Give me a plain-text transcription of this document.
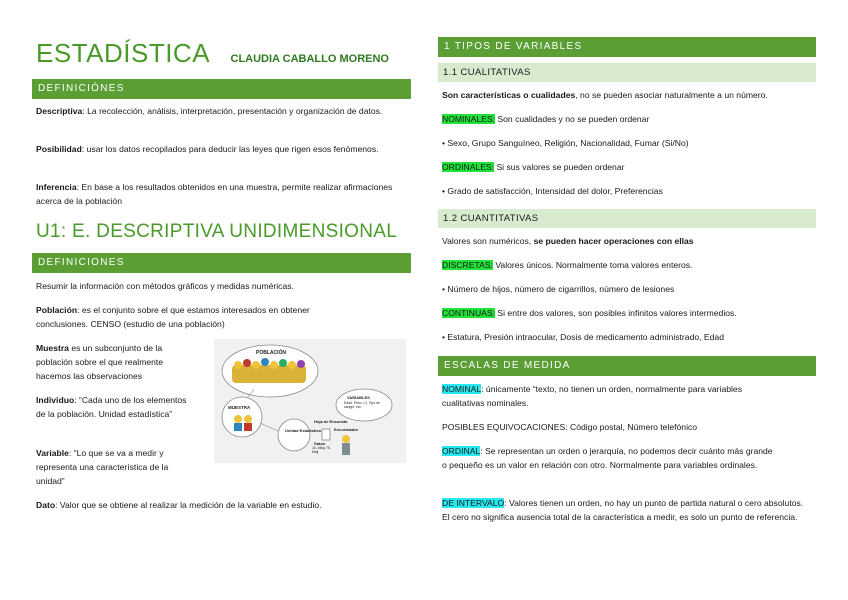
ESTADÍSTICA CLAUDIA CABALLO MORENO
DEFINICIÓNES
Descriptiva: La recolección, análisis, interpretación, presentación y organización de datos.
Posibilidad: usar los datos recopilados para deducir las leyes que rigen esos fenómenos.
Inferencia: En base a los resultados obtenidos en una muestra, permite realizar afirmaciones acerca de la población
U1: E. DESCRIPTIVA UNIDIMENSIONAL
DEFINICIONES
Resumir la información con métodos gráficos y medidas numéricas.
Población: es el conjunto sobre el que estamos interesados en obtener conclusiones. CENSO (estudio de una población)
Muestra es un subconjunto de la población sobre el que realmente hacemos las observaciones
Individuo: “Cada uno de los elementos de la población. Unidad estadística”
Variable: “Lo que se va a medir y representa una característica de la unidad”
Dato: Valor que se obtiene al realizar la medición de la variable en estudio.
POBLACIÓN
MUESTRA
Unidad Estadística
Hoja de Encuesta
Encuestador
VARIABLES
Edad, Peso, CI, Tipo de sangre, etc.
Datos
15, 45kg 75, Maij
1 TIPOS DE VARIABLES
1.1 CUALITATIVAS
Son características o cualidades, no se pueden asociar naturalmente a un número.
NOMINALES: Son cualidades y no se pueden ordenar
• Sexo, Grupo Sanguíneo, Religión, Nacionalidad, Fumar (Si/No)
ORDINALES: Si sus valores se pueden ordenar
• Grado de satisfacción, Intensidad del dolor, Preferencias
1.2 CUANTITATIVAS
Valores son numéricos, se pueden hacer operaciones con ellas
DISCRETAS: Valores únicos. Normalmente toma valores enteros.
• Número de hijos, número de cigarrillos, número de lesiones
CONTINUAS: Si entre dos valores, son posibles infinitos valores intermedios.
• Estatura, Presión intraocular, Dosis de medicamento administrado, Edad
ESCALAS DE MEDIDA
NOMINAL: únicamente “texto, no tienen un orden, normalmente para variables cualitativas nominales.
POSIBLES EQUIVOCACIONES: Código postal, Número telefónico
ORDINAL: Se representan un orden o jerarquía, no podemos decir cuánto más grande o pequeño es un valor en relación con otro. Normalmente para variables ordinales.
DE INTERVALO: Valores tienen un orden, no hay un punto de partida natural o cero absolutos. El cero no significa ausencia total de la característica a medir, es solo un punto de referencia.
